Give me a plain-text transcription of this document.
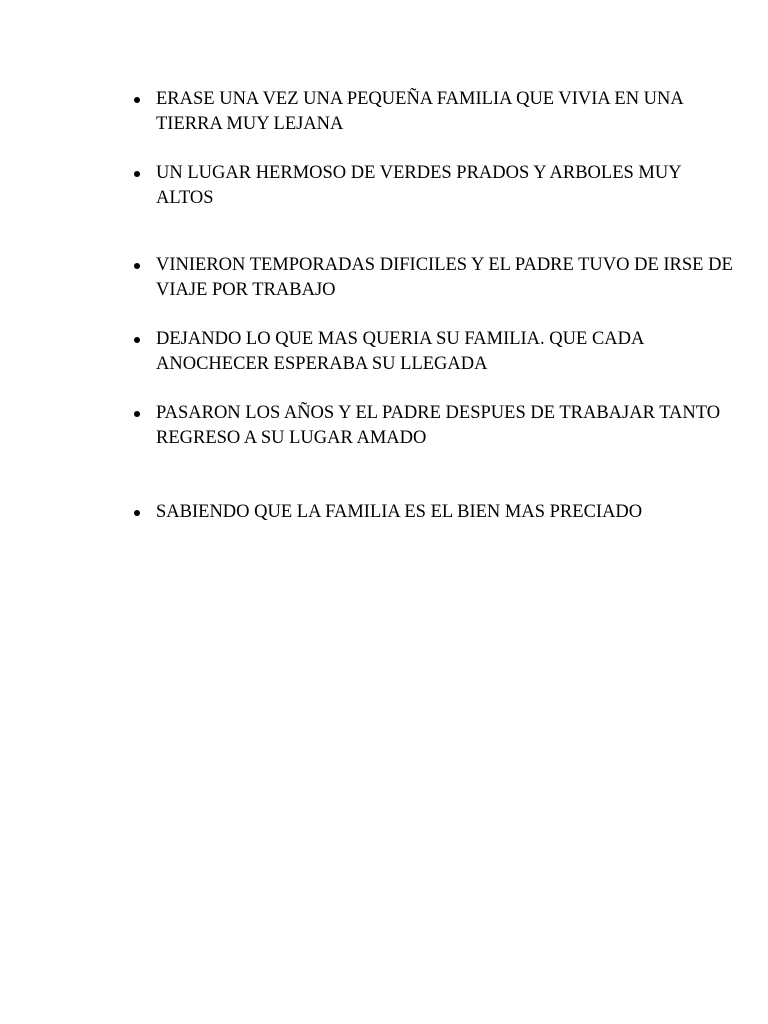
ERASE UNA VEZ UNA PEQUEÑA FAMILIA QUE VIVIA EN UNA TIERRA MUY LEJANA
UN LUGAR HERMOSO DE VERDES PRADOS Y ARBOLES MUY ALTOS
VINIERON TEMPORADAS DIFICILES Y EL PADRE TUVO DE IRSE DE VIAJE POR TRABAJO
DEJANDO LO QUE MAS QUERIA SU FAMILIA. QUE CADA ANOCHECER ESPERABA SU LLEGADA
PASARON LOS AÑOS Y EL PADRE DESPUES DE TRABAJAR TANTO REGRESO A SU LUGAR AMADO
SABIENDO QUE LA FAMILIA ES EL BIEN MAS PRECIADO
